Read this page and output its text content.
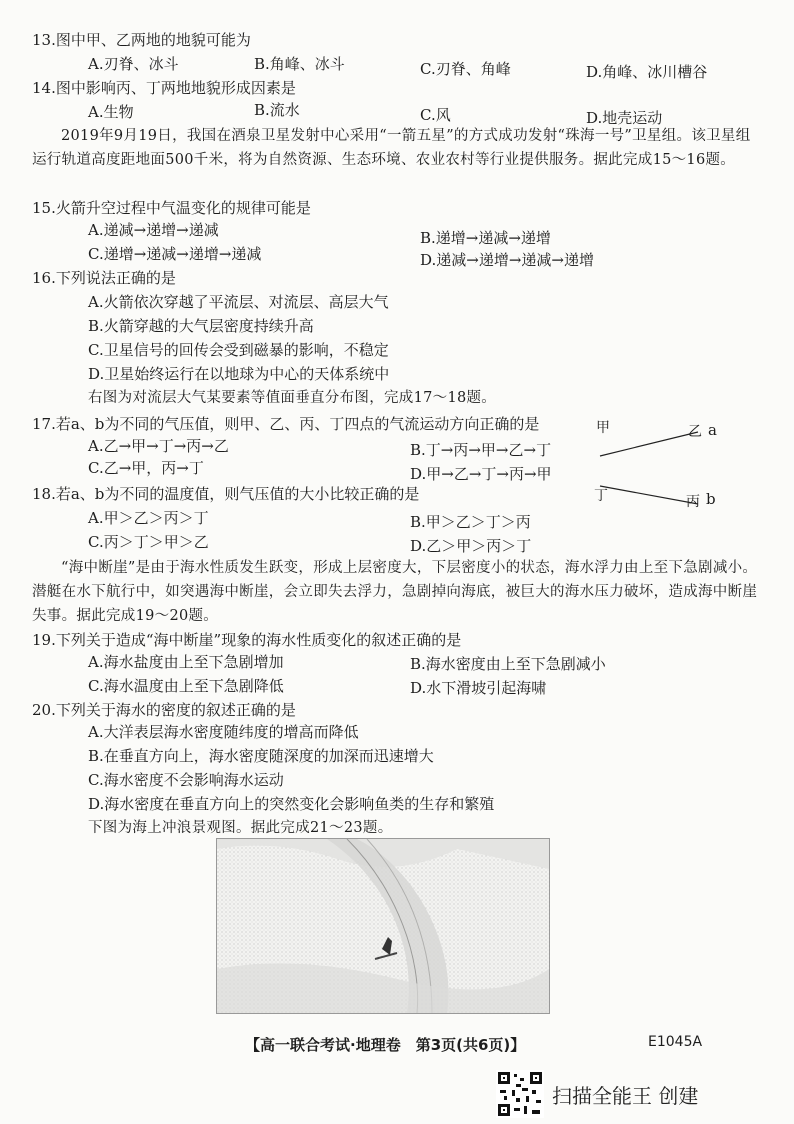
13.图中甲、乙两地的地貌可能为
A.刃脊、冰斗	B.角峰、冰斗	C.刃脊、角峰	D.角峰、冰川槽谷
14.图中影响丙、丁两地地貌形成因素是
A.生物	B.流水	C.风	D.地壳运动
2019年9月19日，我国在酒泉卫星发射中心采用“一箭五星”的方式成功发射“珠海一号”卫星组。该卫星组运行轨道高度距地面500千米，将为自然资源、生态环境、农业农村等行业提供服务。据此完成15～16题。
15.火箭升空过程中气温变化的规律可能是
A.递减→递增→递减	B.递增→递减→递增
C.递增→递减→递增→递减	D.递减→递增→递减→递增
16.下列说法正确的是
A.火箭依次穿越了平流层、对流层、高层大气
B.火箭穿越的大气层密度持续升高
C.卫星信号的回传会受到磁暴的影响，不稳定
D.卫星始终运行在以地球为中心的天体系统中
右图为对流层大气某要素等值面垂直分布图，完成17～18题。
17.若a、b为不同的气压值，则甲、乙、丙、丁四点的气流运动方向正确的是
A.乙→甲→丁→丙→乙	B.丁→丙→甲→乙→丁
C.乙→甲，丙→丁	D.甲→乙→丁→丙→甲
甲	乙 a
丁	丙 b
18.若a、b为不同的温度值，则气压值的大小比较正确的是
A.甲＞乙＞丙＞丁	B.甲＞乙＞丁＞丙
C.丙＞丁＞甲＞乙	D.乙＞甲＞丙＞丁
“海中断崖”是由于海水性质发生跃变，形成上层密度大，下层密度小的状态，海水浮力由上至下急剧减小。潜艇在水下航行中，如突遇海中断崖，会立即失去浮力，急剧掉向海底，被巨大的海水压力破坏，造成海中断崖失事。据此完成19～20题。
19.下列关于造成“海中断崖”现象的海水性质变化的叙述正确的是
A.海水盐度由上至下急剧增加	B.海水密度由上至下急剧减小
C.海水温度由上至下急剧降低	D.水下滑坡引起海啸
20.下列关于海水的密度的叙述正确的是
A.大洋表层海水密度随纬度的增高而降低
B.在垂直方向上，海水密度随深度的加深而迅速增大
C.海水密度不会影响海水运动
D.海水密度在垂直方向上的突然变化会影响鱼类的生存和繁殖
下图为海上冲浪景观图。据此完成21～23题。
【高一联合考试·地理卷　第3页(共6页)】	E1045A
扫描全能王 创建
